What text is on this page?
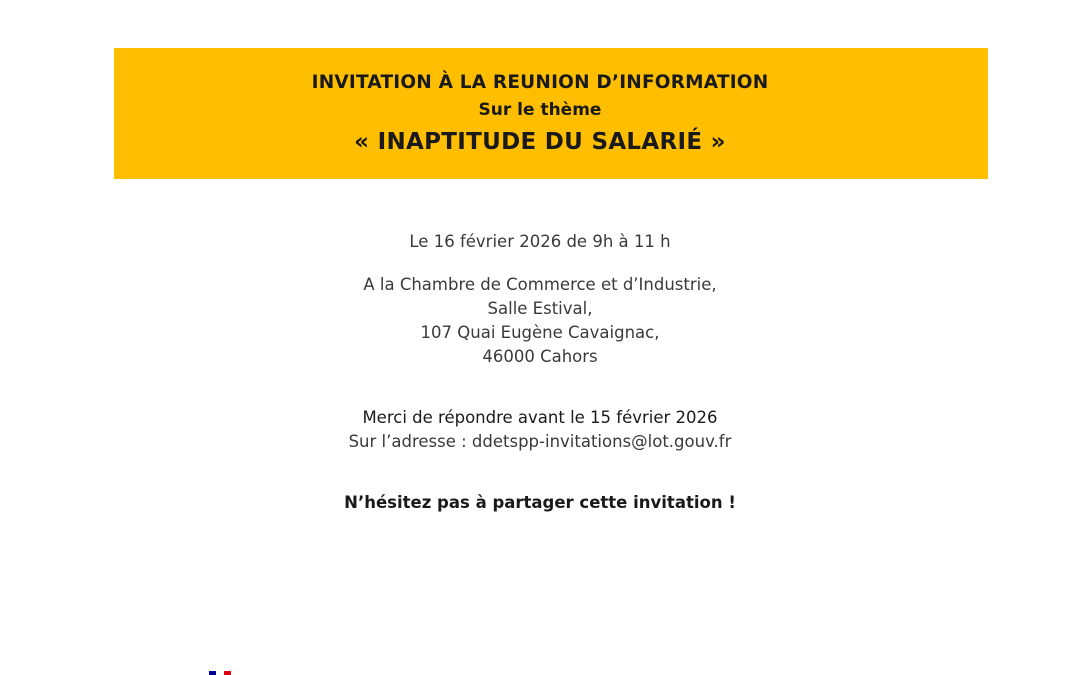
INVITATION À LA REUNION D’INFORMATION
Sur le thème
« INAPTITUDE DU SALARIÉ »
Le 16 février 2026 de 9h à 11 h
A la Chambre de Commerce et d’Industrie,
Salle Estival,
107 Quai Eugène Cavaignac,
46000 Cahors
Merci de répondre avant le 15 février 2026
Sur l’adresse : ddetspp-invitations@lot.gouv.fr
N’hésitez pas à partager cette invitation !
